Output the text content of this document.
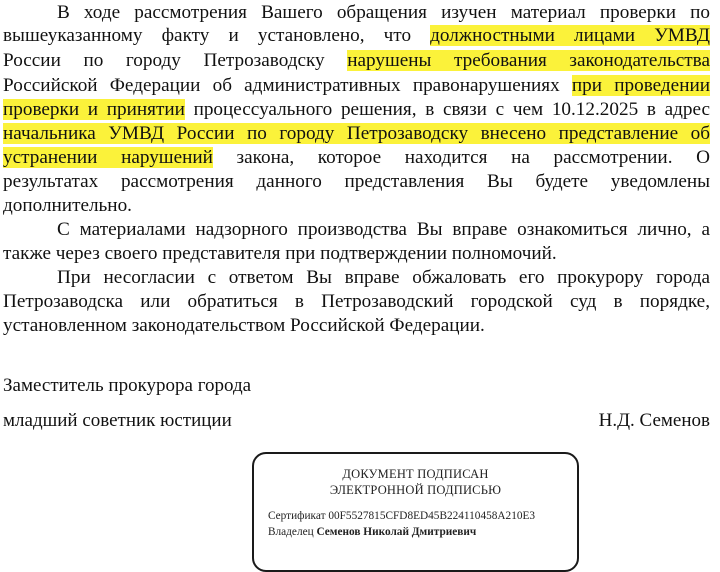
В ходе рассмотрения Вашего обращения изучен материал проверки по
вышеуказанному факту и установлено, что должностными лицами УМВД
России по городу Петрозаводску нарушены требования законодательства
Российской Федерации об административных правонарушениях при проведении
проверки и принятии процессуального решения, в связи с чем 10.12.2025 в адрес
начальника УМВД России по городу Петрозаводску внесено представление об
устранении нарушений закона, которое находится на рассмотрении. О
результатах рассмотрения данного представления Вы будете уведомлены
дополнительно.
С материалами надзорного производства Вы вправе ознакомиться лично, а
также через своего представителя при подтверждении полномочий.
При несогласии с ответом Вы вправе обжаловать его прокурору города
Петрозаводска или обратиться в Петрозаводский городской суд в порядке,
установленном законодательством Российской Федерации.
Заместитель прокурора города
младший советник юстиции	Н.Д. Семенов
ДОКУМЕНТ ПОДПИСАН
ЭЛЕКТРОННОЙ ПОДПИСЬЮ
Сертификат 00F5527815CFD8ED45B224110458A210E3
Владелец Семенов Николай Дмитриевич
